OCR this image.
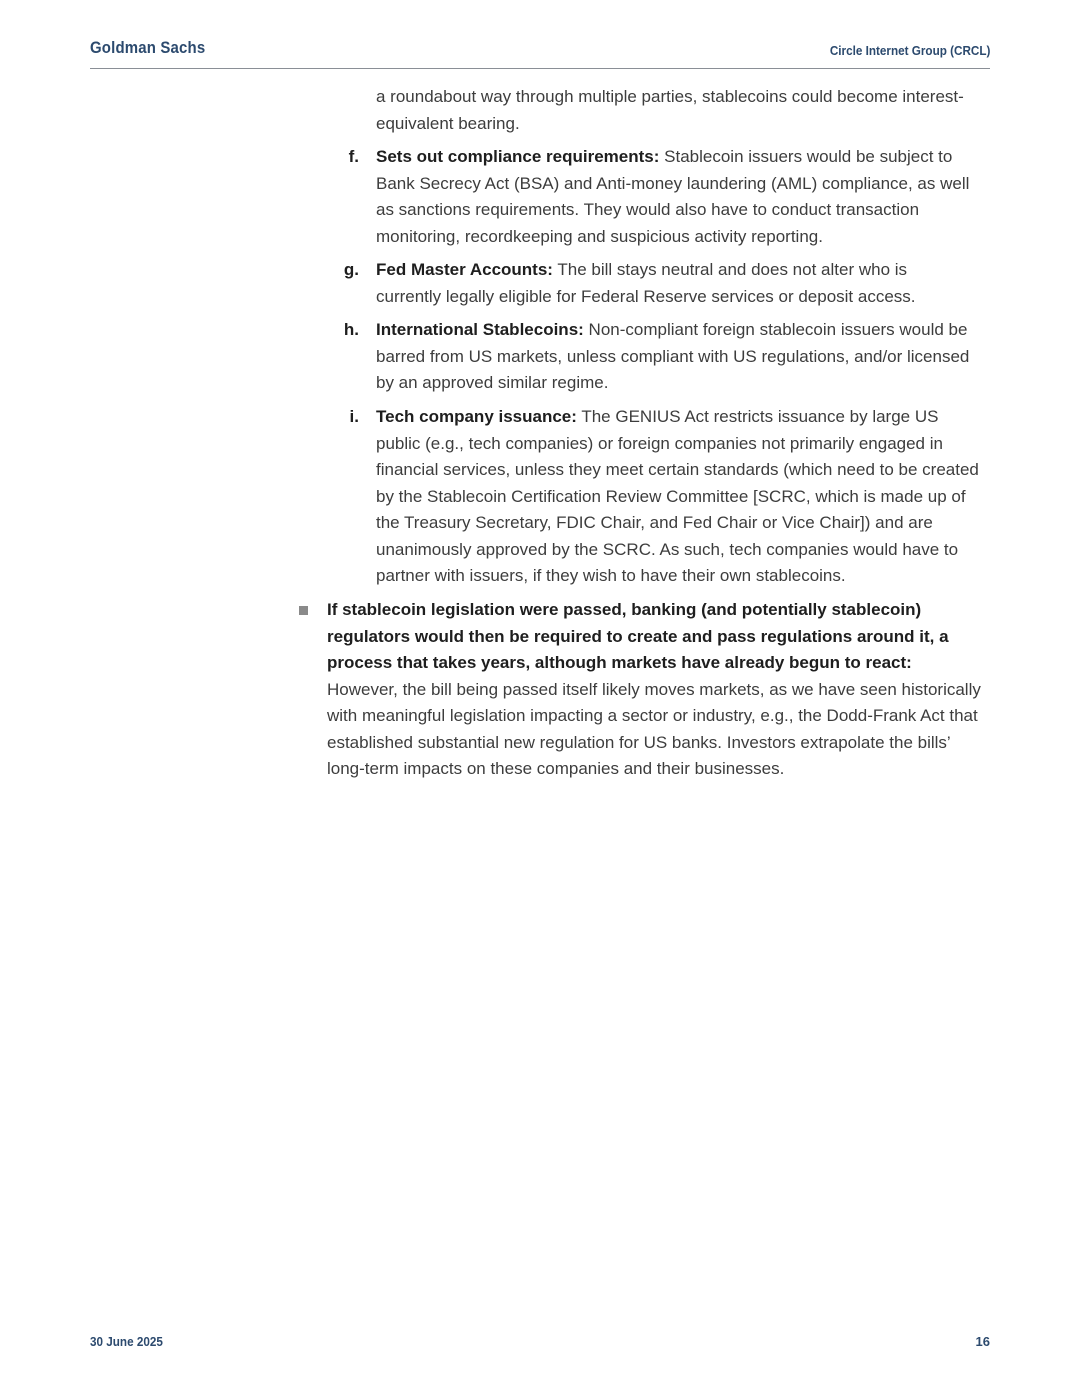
Goldman Sachs	Circle Internet Group (CRCL)
a roundabout way through multiple parties, stablecoins could become interest-equivalent bearing.
f. Sets out compliance requirements: Stablecoin issuers would be subject to Bank Secrecy Act (BSA) and Anti-money laundering (AML) compliance, as well as sanctions requirements. They would also have to conduct transaction monitoring, recordkeeping and suspicious activity reporting.
g. Fed Master Accounts: The bill stays neutral and does not alter who is currently legally eligible for Federal Reserve services or deposit access.
h. International Stablecoins: Non-compliant foreign stablecoin issuers would be barred from US markets, unless compliant with US regulations, and/or licensed by an approved similar regime.
i. Tech company issuance: The GENIUS Act restricts issuance by large US public (e.g., tech companies) or foreign companies not primarily engaged in financial services, unless they meet certain standards (which need to be created by the Stablecoin Certification Review Committee [SCRC, which is made up of the Treasury Secretary, FDIC Chair, and Fed Chair or Vice Chair]) and are unanimously approved by the SCRC. As such, tech companies would have to partner with issuers, if they wish to have their own stablecoins.
If stablecoin legislation were passed, banking (and potentially stablecoin) regulators would then be required to create and pass regulations around it, a process that takes years, although markets have already begun to react: However, the bill being passed itself likely moves markets, as we have seen historically with meaningful legislation impacting a sector or industry, e.g., the Dodd-Frank Act that established substantial new regulation for US banks. Investors extrapolate the bills’ long-term impacts on these companies and their businesses.
30 June 2025	16
